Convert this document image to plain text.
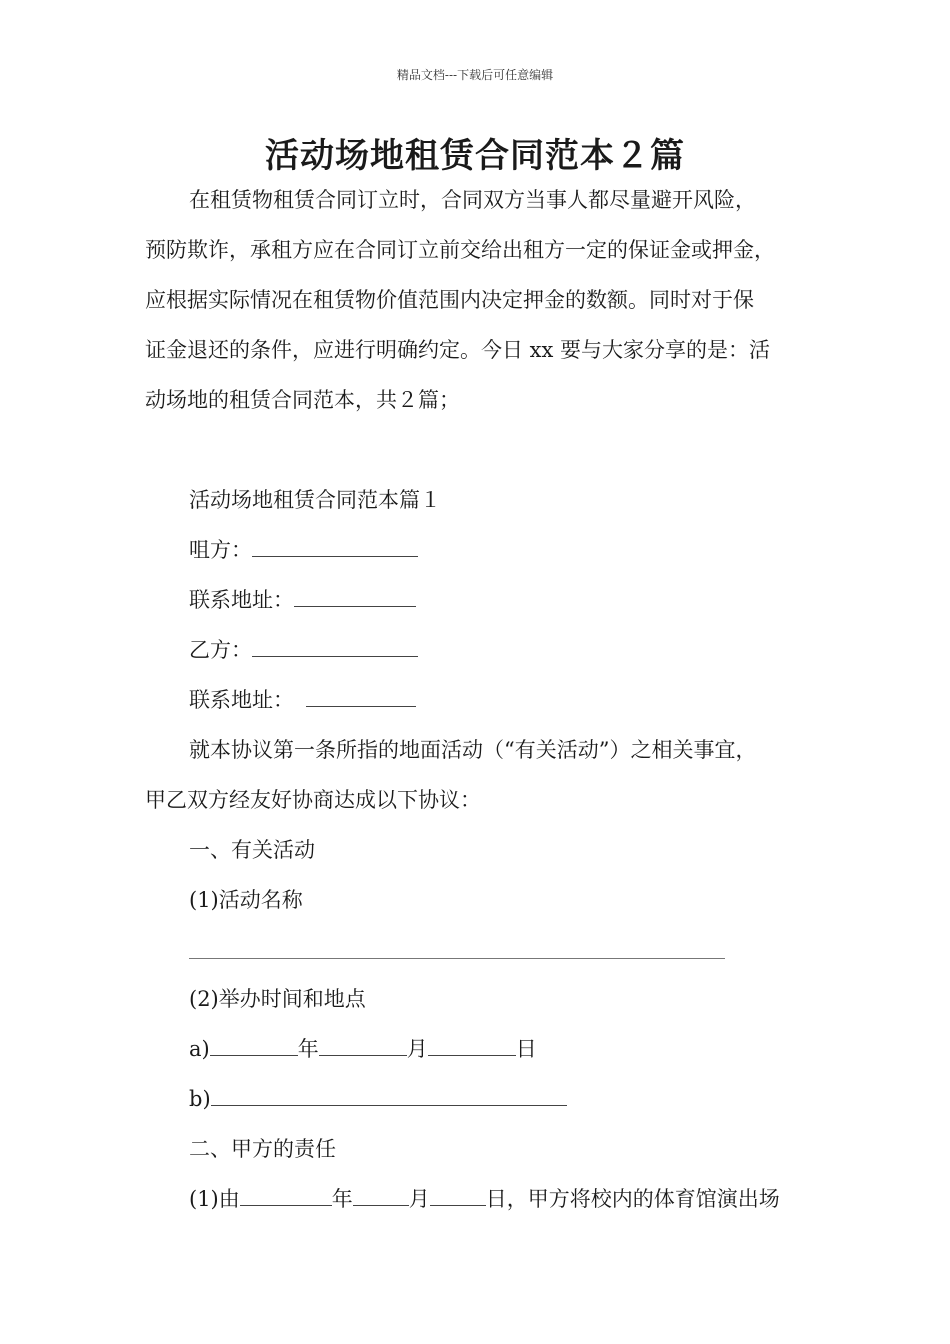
精品文档---下载后可任意编辑
活动场地租赁合同范本２篇
在租赁物租赁合同订立时，合同双方当事人都尽量避开风险，
预防欺诈，承租方应在合同订立前交给出租方一定的保证金或押金，
应根据实际情况在租赁物价值范围内决定押金的数额。同时对于保
证金退还的条件，应进行明确约定。今日 xx 要与大家分享的是：活
动场地的租赁合同范本，共２篇；
活动场地租赁合同范本篇１
咀方：
联系地址：
乙方：
联系地址：
就本协议第一条所指的地面活动（“有关活动”）之相关事宜，
甲乙双方经友好协商达成以下协议：
一、有关活动
(1)活动名称
(2)举办时间和地点
a)	年	月	日
b)
二、甲方的责任
(1)由	年	月	日，甲方将校内的体育馆演出场
